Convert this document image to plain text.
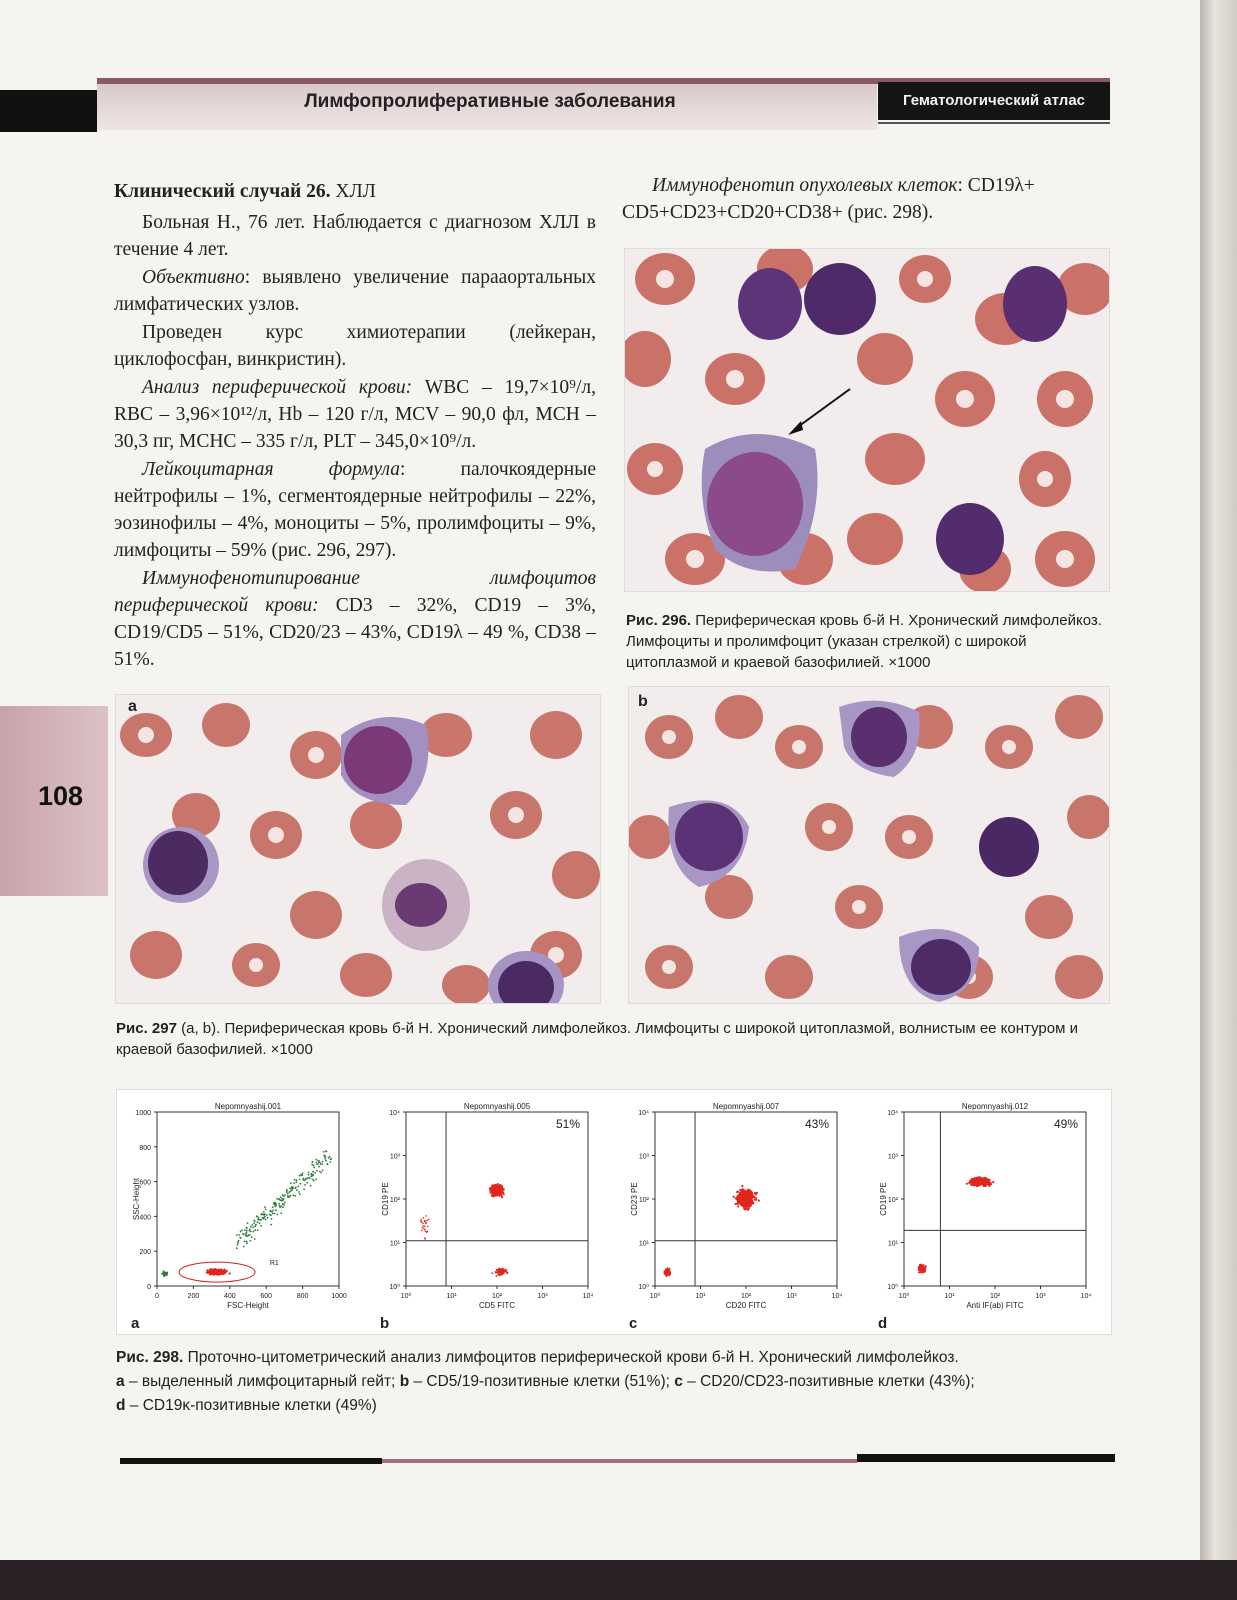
Лимфопролиферативные заболевания	Гематологический атлас

Клинический случай 26. ХЛЛ

Больная Н., 76 лет. Наблюдается с диагнозом ХЛЛ в течение 4 лет.

Объективно: выявлено увеличение парааортальных лимфатических узлов.

Проведен курс химиотерапии (лейкеран, циклофосфан, винкристин).

Анализ периферической крови: WBC – 19,7×10⁹/л, RBC – 3,96×10¹²/л, Hb – 120 г/л, MCV – 90,0 фл, MCH – 30,3 пг, MCHC – 335 г/л, PLT – 345,0×10⁹/л.

Лейкоцитарная формула: палочкоядерные нейтрофилы – 1%, сегментоядерные нейтрофилы – 22%, эозинофилы – 4%, моноциты – 5%, пролимфоциты – 9%, лимфоциты – 59% (рис. 296, 297).

Иммунофенотипирование лимфоцитов периферической крови: CD3 – 32%, CD19 – 3%, CD19/CD5 – 51%, CD20/23 – 43%, CD19λ – 49 %, CD38 – 51%.

Иммунофенотип опухолевых клеток: CD19λ+ CD5+CD23+CD20+CD38+ (рис. 298).

Рис. 296. Периферическая кровь б-й Н. Хронический лимфолейкоз. Лимфоциты и пролимфоцит (указан стрелкой) с широкой цитоплазмой и краевой базофилией. ×1000
108
a	b
Рис. 297 (a, b). Периферическая кровь б-й Н. Хронический лимфолейкоз. Лимфоциты с широкой цитоплазмой, волнистым ее контуром и краевой базофилией. ×1000
Nepomnyashij.001
FSC-Height
SSC-Height
0	200	400	600	800	1000
0
200
400
600
800
1000
a
R1
Nepomnyashij.005
CD5 FITC
CD19 PE
10⁰	10¹	10²	10³	10⁴
10⁰
10¹
10²
10³
10⁴
b
51%
Nepomnyashij.007
CD20 FITC
CD23 PE
10⁰	10¹	10²	10³	10⁴
10⁰
10¹
10²
10³
10⁴
c
43%
Nepomnyashij.012
Anti IF(ab) FITC
CD19 PE
10⁰	10¹	10²	10³	10⁴
10⁰
10¹
10²
10³
10⁴
d
49%
Рис. 298. Проточно-цитометрический анализ лимфоцитов периферической крови б-й Н. Хронический лимфолейкоз.
a – выделенный лимфоцитарный гейт; b – CD5/19-позитивные клетки (51%); c – CD20/CD23-позитивные клетки (43%);
d – CD19κ-позитивные клетки (49%)
